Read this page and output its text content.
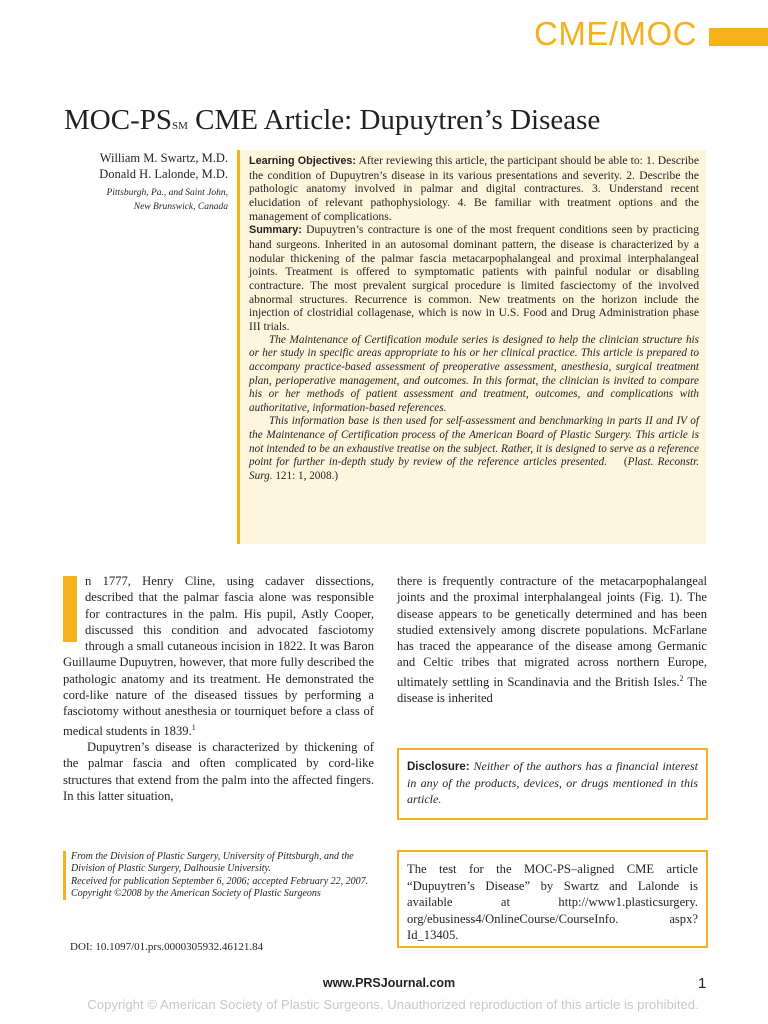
CME/MOC
MOC-PS℠ CME Article: Dupuytren’s Disease
William M. Swartz, M.D.
Donald H. Lalonde, M.D.
Pittsburgh, Pa., and Saint John,
New Brunswick, Canada

Learning Objectives: After reviewing this article, the participant should be able to: 1. Describe the condition of Dupuytren’s disease in its various presentations and severity. 2. Describe the pathologic anatomy involved in palmar and digital contractures. 3. Understand recent elucidation of relevant pathophysiology. 4. Be familiar with treatment options and the management of complications.

Summary: Dupuytren’s contracture is one of the most frequent conditions seen by practicing hand surgeons. Inherited in an autosomal dominant pattern, the disease is characterized by a nodular thickening of the palmar fascia metacarpophalangeal and proximal interphalangeal joints. Treatment is offered to symptomatic patients with painful nodular or disabling contracture. The most prevalent surgical procedure is limited fasciectomy of the involved abnormal structures. Recurrence is common. New treatments on the horizon include the injection of clostridial collagenase, which is now in U.S. Food and Drug Administration phase III trials.

The Maintenance of Certification module series is designed to help the clinician structure his or her study in specific areas appropriate to his or her clinical practice. This article is prepared to accompany practice-based assessment of preoperative assessment, anesthesia, surgical treatment plan, perioperative management, and outcomes. In this format, the clinician is invited to compare his or her methods of patient assessment and treatment, outcomes, and complications with authoritative, information-based references.

This information base is then used for self-assessment and benchmarking in parts II and IV of the Maintenance of Certification process of the American Board of Plastic Surgery. This article is not intended to be an exhaustive treatise on the subject. Rather, it is designed to serve as a reference point for further in-depth study by review of the reference articles presented. (Plast. Reconstr. Surg. 121: 1, 2008.)

n 1777, Henry Cline, using cadaver dissections, described that the palmar fascia alone was responsible for contractures in the palm. His pupil, Astly Cooper, discussed this condition and advocated fasciotomy through a small cutaneous incision in 1822. It was Baron Guillaume Dupuytren, however, that more fully described the pathologic anatomy and its treatment. He demonstrated the cord-like nature of the diseased tissues by performing a fasciotomy without anesthesia or tourniquet before a class of medical students in 1839.$^1$

Dupuytren’s disease is characterized by thickening of the palmar fascia and often complicated by cord-like structures that extend from the palm into the affected fingers. In this latter situation,

there is frequently contracture of the metacarpophalangeal joints and the proximal interphalangeal joints (Fig. 1). The disease appears to be genetically determined and has been studied extensively among discrete populations. McFarlane has traced the appearance of the disease among Germanic and Celtic tribes that migrated across northern Europe, ultimately settling in Scandinavia and the British Isles.$^2$ The disease is inherited

Disclosure: Neither of the authors has a financial interest in any of the products, devices, or drugs mentioned in this article.
The test for the MOC-PS–aligned CME article “Dupuytren’s Disease” by Swartz and Lalonde is available at http://www1.plasticsurgery. org/ebusiness4/OnlineCourse/CourseInfo. aspx?Id_13405.
From the Division of Plastic Surgery, University of Pittsburgh, and the Division of Plastic Surgery, Dalhousie University.
Received for publication September 6, 2006; accepted February 22, 2007.
Copyright ©2008 by the American Society of Plastic Surgeons
DOI: 10.1097/01.prs.0000305932.46121.84
www.PRSJournal.com	1
Copyright © American Society of Plastic Surgeons. Unauthorized reproduction of this article is prohibited.
